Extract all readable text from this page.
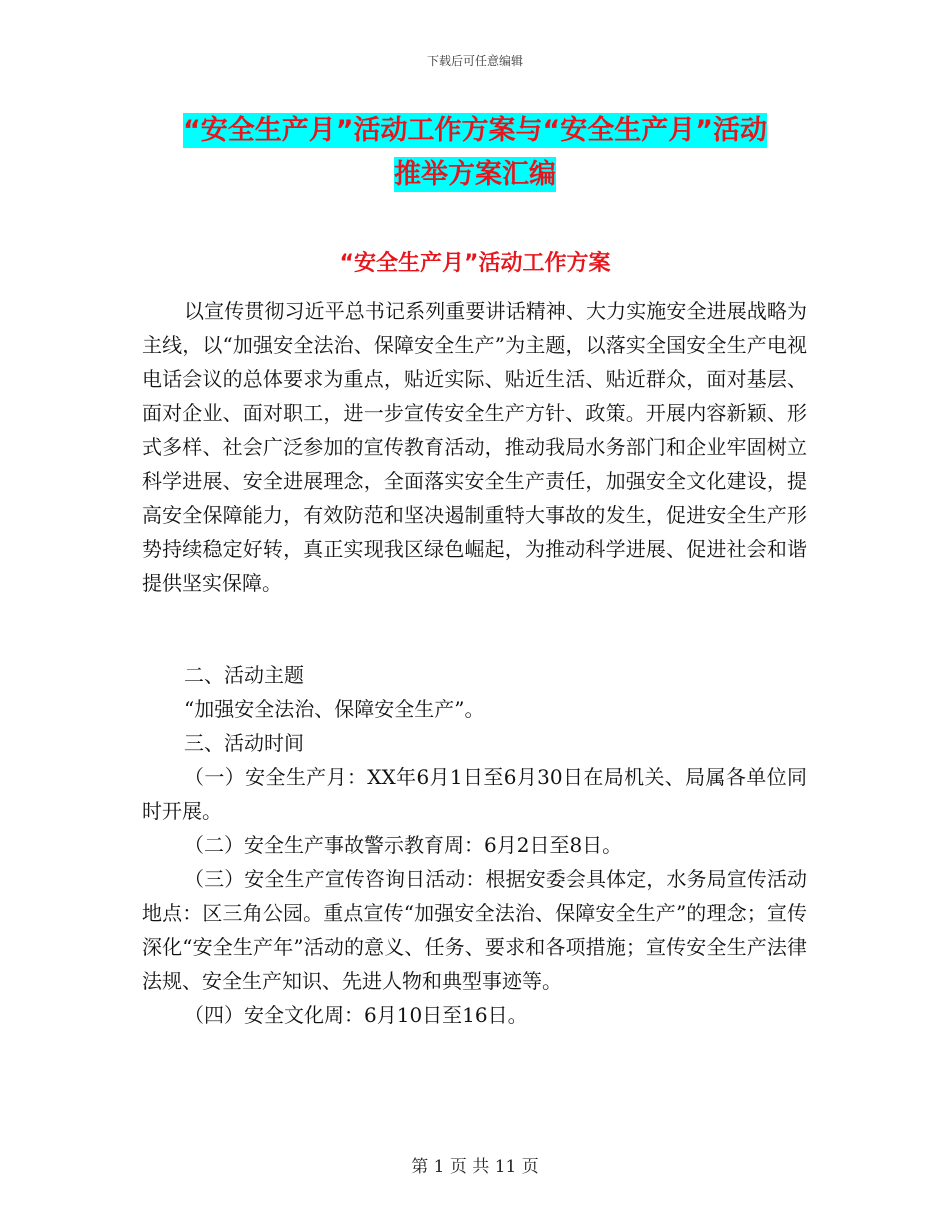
下载后可任意编辑
“安全生产月”活动工作方案与“安全生产月”活动
推举方案汇编
“安全生产月”活动工作方案
以宣传贯彻习近平总书记系列重要讲话精神、大力实施安全进展战略为主线，以“加强安全法治、保障安全生产”为主题，以落实全国安全生产电视电话会议的总体要求为重点，贴近实际、贴近生活、贴近群众，面对基层、面对企业、面对职工，进一步宣传安全生产方针、政策。开展内容新颖、形式多样、社会广泛参加的宣传教育活动，推动我局水务部门和企业牢固树立科学进展、安全进展理念，全面落实安全生产责任，加强安全文化建设，提高安全保障能力，有效防范和坚决遏制重特大事故的发生，促进安全生产形势持续稳定好转，真正实现我区绿色崛起，为推动科学进展、促进社会和谐提供坚实保障。

二、活动主题

“加强安全法治、保障安全生产”。

三、活动时间

（一）安全生产月：XX年6月1日至6月30日在局机关、局属各单位同时开展。

（二）安全生产事故警示教育周：6月2日至8日。

（三）安全生产宣传咨询日活动：根据安委会具体定，水务局宣传活动地点：区三角公园。重点宣传“加强安全法治、保障安全生产”的理念；宣传深化“安全生产年”活动的意义、任务、要求和各项措施；宣传安全生产法律法规、安全生产知识、先进人物和典型事迹等。

（四）安全文化周：6月10日至16日。

第 1 页 共 11 页
